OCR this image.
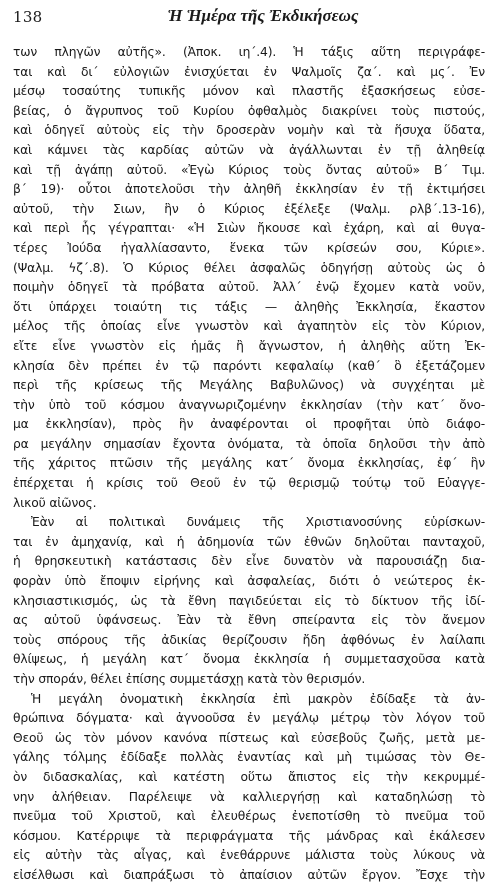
138	Ἡ Ἡμέρα τῆς Ἐκδικήσεως
των πληγῶν αὐτῆς». (Ἀποκ. ιη΄.4). Ἡ τάξις αὕτη περιγράφε-
ται καὶ δι΄ εὐλογιῶν ἐνισχύεται ἐν Ψαλμοῖς ζα΄. καὶ μς΄. Ἐν
μέσῳ τοσαύτης τυπικῆς μόνον καὶ πλαστῆς ἐξασκήσεως εὐσε-
βείας, ὁ ἄγρυπνος τοῦ Κυρίου ὀφθαλμὸς διακρίνει τοὺς πιστούς,
καὶ ὁδηγεῖ αὐτοὺς εἰς τὴν δροσερὰν νομὴν καὶ τὰ ἥσυχα ὕδατα,
καὶ κάμνει τὰς καρδίας αὐτῶν νὰ ἀγάλλωνται ἐν τῇ ἀληθείᾳ
καὶ τῇ ἀγάπῃ αὐτοῦ. «Ἐγὼ Κύριος τοὺς ὄντας αὐτοῦ» Β΄ Τιμ.
β΄ 19)· οὗτοι ἀποτελοῦσι τὴν ἀληθῆ ἐκκλησίαν ἐν τῇ ἐκτιμήσει
αὐτοῦ, τὴν Σιων, ἣν ὁ Κύριος ἐξέλεξε (Ψαλμ. ρλβ΄.13-16),
καὶ περὶ ἧς γέγραπται· «Ἡ Σιὼν ἤκουσε καὶ ἐχάρη, καὶ αἱ θυγα-
τέρες Ἰούδα ἠγαλλίασαντο, ἕνεκα τῶν κρίσεών σου, Κύριε».
(Ψαλμ. ϟζ΄.8). Ὁ Κύριος θέλει ἀσφαλῶς ὁδηγήσῃ αὐτοὺς ὡς ὁ
ποιμὴν ὁδηγεῖ τὰ πρόβατα αὐτοῦ. Ἀλλ΄ ἐνῷ ἔχομεν κατὰ νοῦν,
ὅτι ὑπάρχει τοιαύτη τις τάξις — ἀληθὴς Ἐκκλησία, ἕκαστον
μέλος τῆς ὁποίας εἶνε γνωστὸν καὶ ἀγαπητὸν εἰς τὸν Κύριον,
εἴτε εἶνε γνωστὸν εἰς ἡμᾶς ἢ ἄγνωστον, ἡ ἀληθὴς αὕτη Ἐκ-
κλησία δὲν πρέπει ἐν τῷ παρόντι κεφαλαίῳ (καθ΄ ὃ ἐξετάζομεν
περὶ τῆς κρίσεως τῆς Μεγάλης Βαβυλῶνος) νὰ συγχέηται μὲ
τὴν ὑπὸ τοῦ κόσμου ἀναγνωριζομένην ἐκκλησίαν (τὴν κατ΄ ὄνο-
μα ἐκκλησίαν), πρὸς ἣν ἀναφέρονται οἱ προφῆται ὑπὸ διάφο-
ρα μεγάλην σημασίαν ἔχοντα ὀνόματα, τὰ ὁποῖα δηλοῦσι τὴν ἀπὸ
τῆς χάριτος πτῶσιν τῆς μεγάλης κατ΄ ὄνομα ἐκκλησίας, ἐφ΄ ἣν
ἐπέρχεται ἡ κρίσις τοῦ Θεοῦ ἐν τῷ θερισμῷ τούτῳ τοῦ Εὐαγγε-
λικοῦ αἰῶνος.
Ἐὰν αἱ πολιτικαὶ δυνάμεις τῆς Χριστιανοσύνης εὑρίσκων-
ται ἐν ἀμηχανίᾳ, καὶ ἡ ἀδημονία τῶν ἐθνῶν δηλοῦται πανταχοῦ,
ἡ θρησκευτικὴ κατάστασις δὲν εἶνε δυνατὸν νὰ παρουσιάζῃ δια-
φορὰν ὑπὸ ἔποψιν εἰρήνης καὶ ἀσφαλείας, διότι ὁ νεώτερος ἐκ-
κλησιαστικισμός, ὡς τὰ ἔθνη παγιδεύεται εἰς τὸ δίκτυον τῆς ἰδί-
ας αὐτοῦ ὑφάνσεως. Ἐὰν τὰ ἔθνη σπείραντα εἰς τὸν ἄνεμον
τοὺς σπόρους τῆς ἀδικίας θερίζουσιν ἤδη ἀφθόνως ἐν λαίλαπι
θλίψεως, ἡ μεγάλη κατ΄ ὄνομα ἐκκλησία ἡ συμμετασχοῦσα κατὰ
τὴν σποράν, θέλει ἐπίσης συμμετάσχῃ κατὰ τὸν θερισμόν.
Ἡ μεγάλη ὀνοματικὴ ἐκκλησία ἐπὶ μακρὸν ἐδίδαξε τὰ ἀν-
θρώπινα δόγματα· καὶ ἀγνοοῦσα ἐν μεγάλῳ μέτρῳ τὸν λόγον τοῦ
Θεοῦ ὡς τὸν μόνον κανόνα πίστεως καὶ εὐσεβοῦς ζωῆς, μετὰ με-
γάλης τόλμης ἐδίδαξε πολλὰς ἐναντίας καὶ μὴ τιμώσας τὸν Θε-
ὸν διδασκαλίας, καὶ κατέστη οὕτω ἄπιστος εἰς τὴν κεκρυμμέ-
νην ἀλήθειαν. Παρέλειψε νὰ καλλιεργήσῃ καὶ καταδηλώσῃ τὸ
πνεῦμα τοῦ Χριστοῦ, καὶ ἐλευθέρως ἐνεποτίσθη τὸ πνεῦμα τοῦ
κόσμου. Κατέρριψε τὰ περιφράγματα τῆς μάνδρας καὶ ἐκάλεσεν
εἰς αὐτὴν τὰς αἶγας, καὶ ἐνεθάρρυνε μάλιστα τοὺς λύκους νὰ
εἰσέλθωσι καὶ διαπράξωσι τὸ ἀπαίσιον αὐτῶν ἔργον. Ἔσχε τὴν
